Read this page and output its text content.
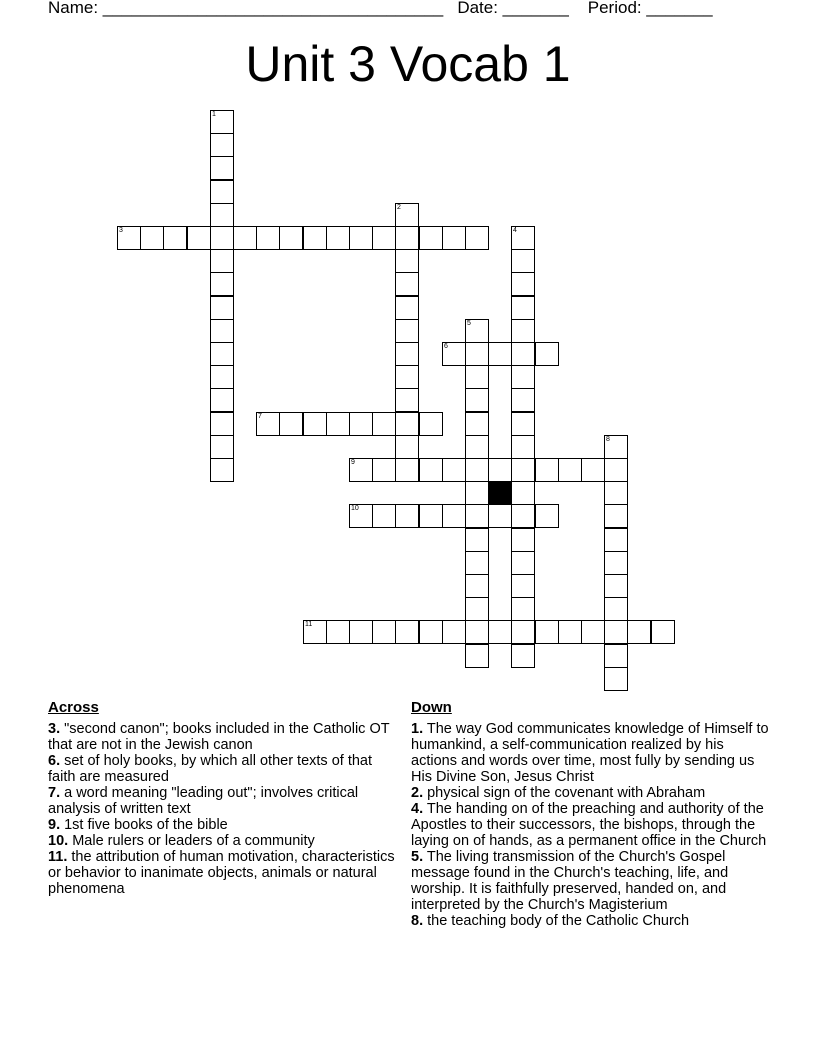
Name: ____________________________________   Date: _______    Period: _______
Unit 3 Vocab 1
1
2
3	4
5
6
7
8
9
10
11
Across
3. "second canon"; books included in the Catholic OT that are not in the Jewish canon
6. set of holy books, by which all other texts of that faith are measured
7. a word meaning "leading out"; involves critical analysis of written text
9. 1st five books of the bible
10. Male rulers or leaders of a community
11. the attribution of human motivation, characteristics or behavior to inanimate objects, animals or natural phenomena
Down
1. The way God communicates knowledge of Himself to humankind, a self-communication realized by his actions and words over time, most fully by sending us His Divine Son, Jesus Christ
2. physical sign of the covenant with Abraham
4. The handing on of the preaching and authority of the Apostles to their successors, the bishops, through the laying on of hands, as a permanent office in the Church
5. The living transmission of the Church's Gospel message found in the Church's teaching, life, and worship. It is faithfully preserved, handed on, and interpreted by the Church's Magisterium
8. the teaching body of the Catholic Church
